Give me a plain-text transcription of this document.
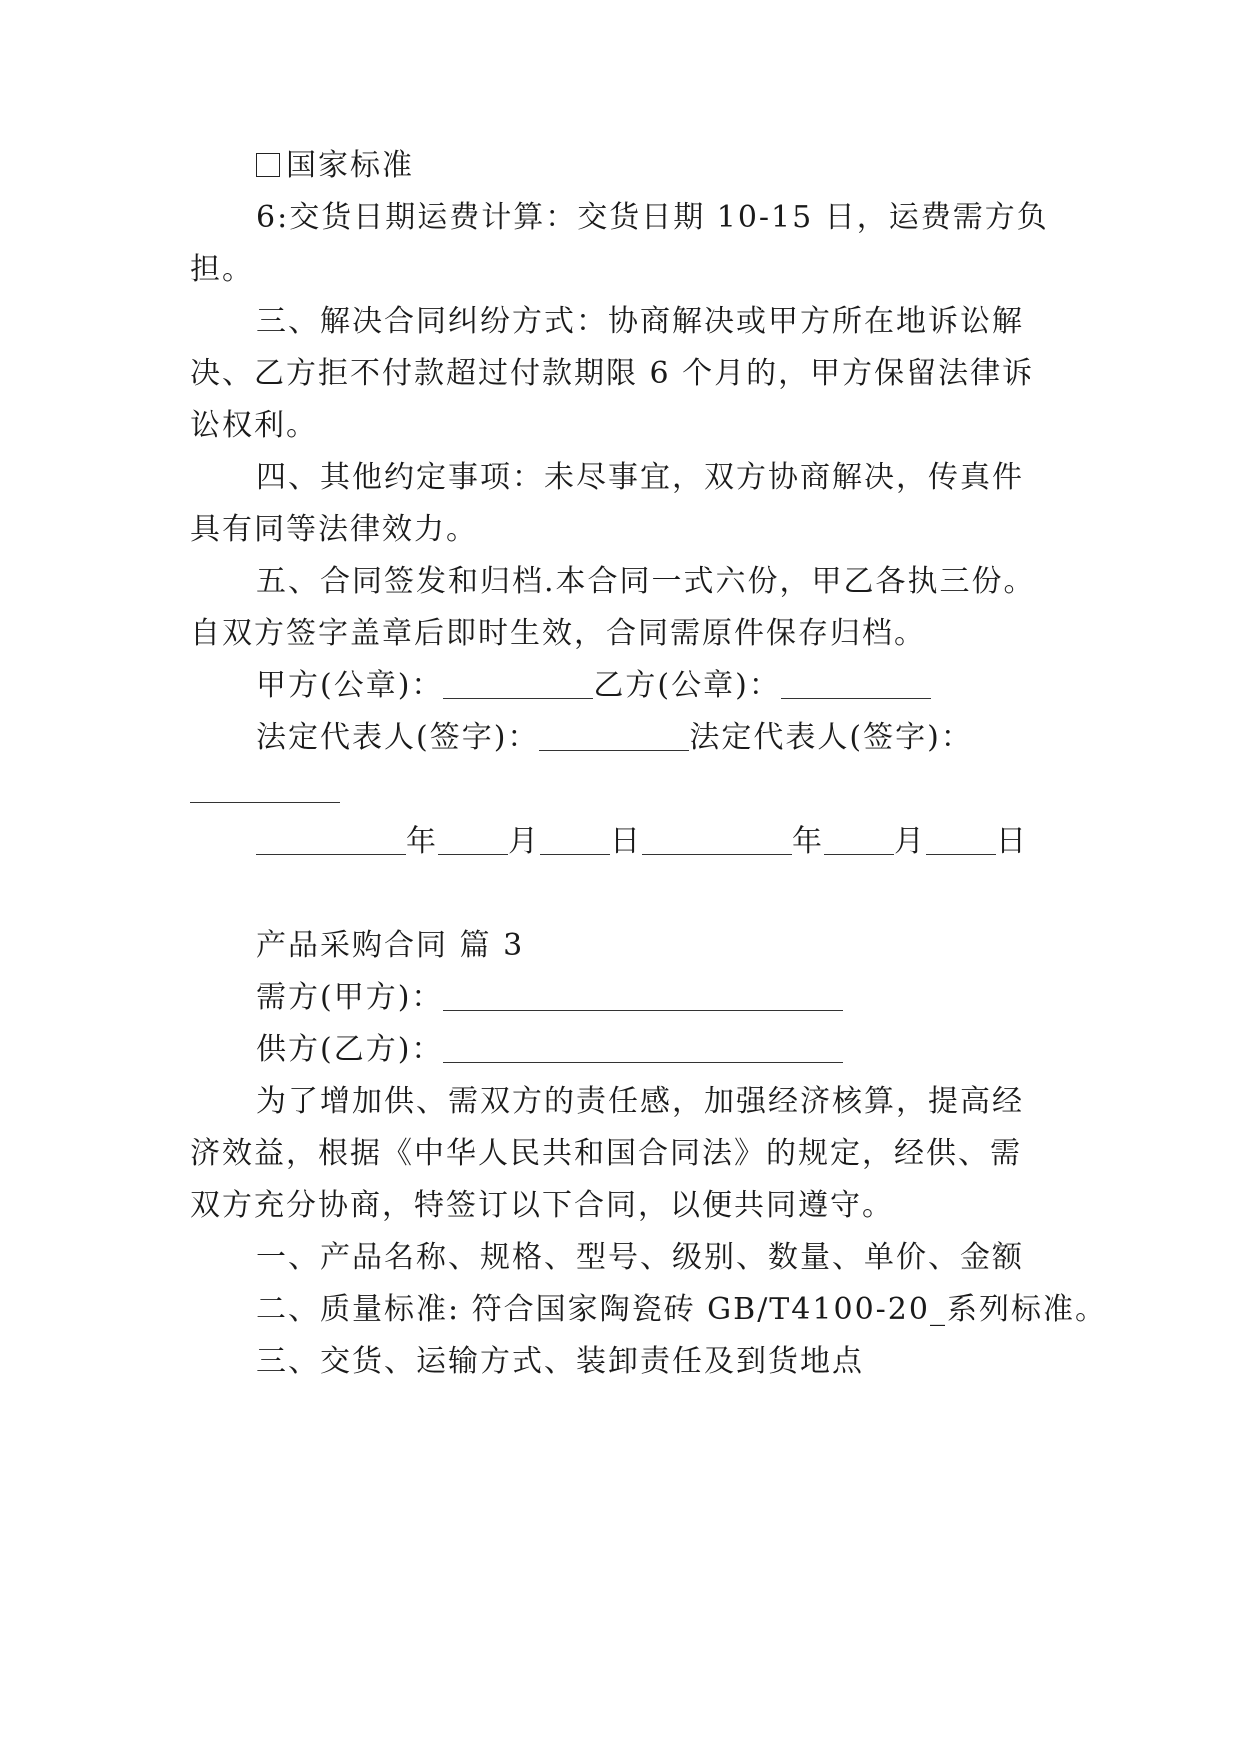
国家标准
6:交货日期运费计算：交货日期 10-15 日，运费需方负
担。
三、解决合同纠纷方式：协商解决或甲方所在地诉讼解
决、乙方拒不付款超过付款期限 6 个月的，甲方保留法律诉
讼权利。
四、其他约定事项：未尽事宜，双方协商解决，传真件
具有同等法律效力。
五、合同签发和归档.本合同一式六份，甲乙各执三份。
自双方签字盖章后即时生效，合同需原件保存归档。
甲方(公章)：	乙方(公章)：
法定代表人(签字)：	法定代表人(签字)：
年 月 日	年 月 日
产品采购合同 篇 3
需方(甲方)：
供方(乙方)：
为了增加供、需双方的责任感，加强经济核算，提高经
济效益，根据《中华人民共和国合同法》的规定，经供、需
双方充分协商，特签订以下合同，以便共同遵守。
一、产品名称、规格、型号、级别、数量、单价、金额
二、质量标准: 符合国家陶瓷砖 GB/T4100-20_系列标准。
三、交货、运输方式、装卸责任及到货地点
